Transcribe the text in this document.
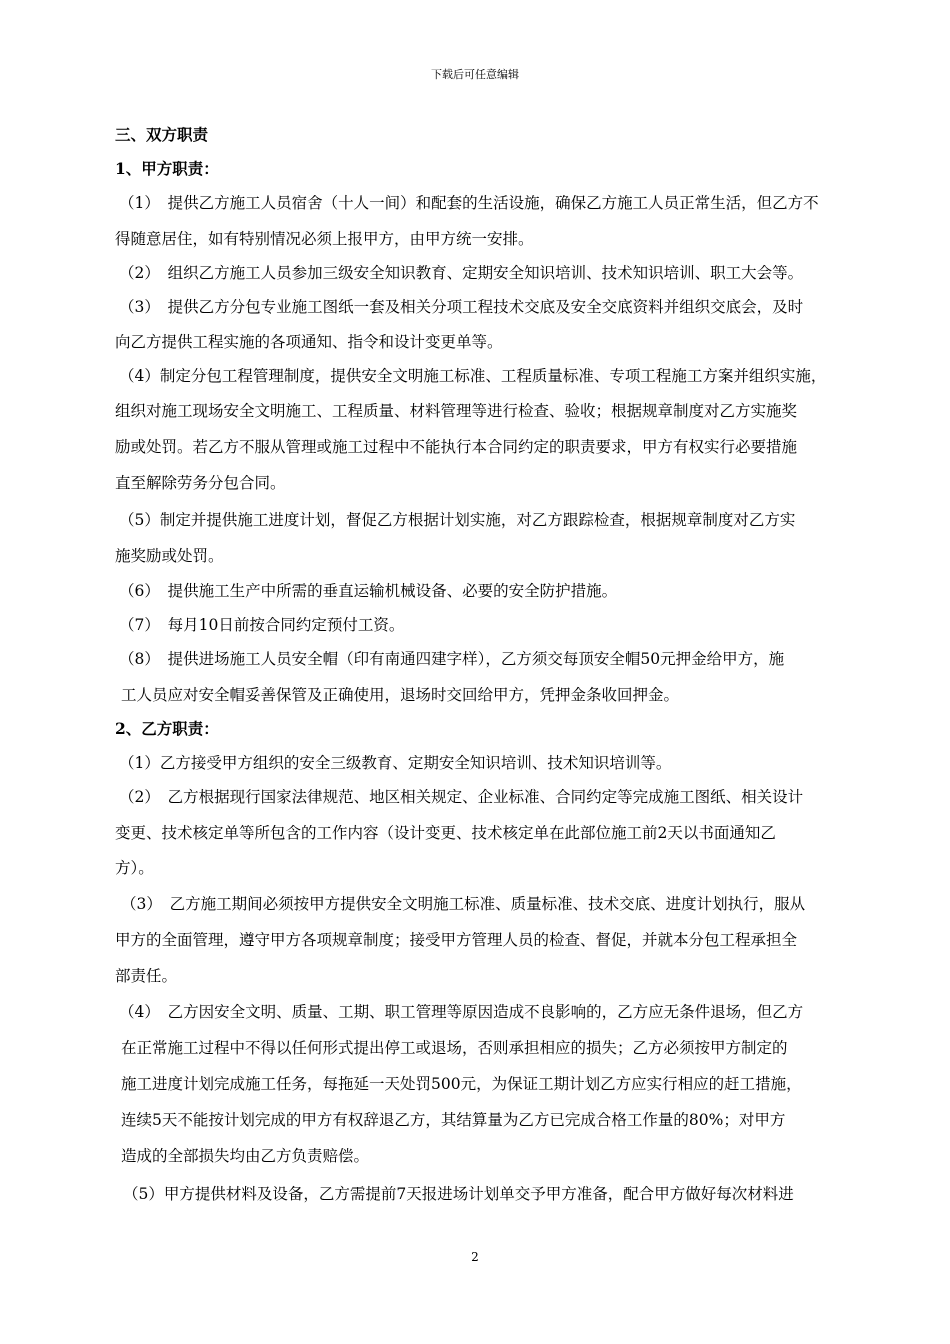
下载后可任意编辑
三、双方职责
1、甲方职责：
（1）　提供乙方施工人员宿舍（十人一间）和配套的生活设施，确保乙方施工人员正常生活，但乙方不
得随意居住，如有特别情况必须上报甲方，由甲方统一安排。
（2）　组织乙方施工人员参加三级安全知识教育、定期安全知识培训、技术知识培训、职工大会等。
（3）　提供乙方分包专业施工图纸一套及相关分项工程技术交底及安全交底资料并组织交底会，及时
向乙方提供工程实施的各项通知、指令和设计变更单等。
（4）制定分包工程管理制度，提供安全文明施工标准、工程质量标准、专项工程施工方案并组织实施，
组织对施工现场安全文明施工、工程质量、材料管理等进行检查、验收；根据规章制度对乙方实施奖
励或处罚。若乙方不服从管理或施工过程中不能执行本合同约定的职责要求，甲方有权实行必要措施
直至解除劳务分包合同。
（5）制定并提供施工进度计划，督促乙方根据计划实施，对乙方跟踪检查，根据规章制度对乙方实
施奖励或处罚。
（6）　提供施工生产中所需的垂直运输机械设备、必要的安全防护措施。
（7）　每月10日前按合同约定预付工资。
（8）　提供进场施工人员安全帽（印有南通四建字样），乙方须交每顶安全帽50元押金给甲方，施
工人员应对安全帽妥善保管及正确使用，退场时交回给甲方，凭押金条收回押金。
2、乙方职责：
（1）乙方接受甲方组织的安全三级教育、定期安全知识培训、技术知识培训等。
（2）　乙方根据现行国家法律规范、地区相关规定、企业标准、合同约定等完成施工图纸、相关设计
变更、技术核定单等所包含的工作内容（设计变更、技术核定单在此部位施工前2天以书面通知乙
方）。
（3）　乙方施工期间必须按甲方提供安全文明施工标准、质量标准、技术交底、进度计划执行，服从
甲方的全面管理，遵守甲方各项规章制度；接受甲方管理人员的检查、督促，并就本分包工程承担全
部责任。
（4）　乙方因安全文明、质量、工期、职工管理等原因造成不良影响的，乙方应无条件退场，但乙方
在正常施工过程中不得以任何形式提出停工或退场，否则承担相应的损失；乙方必须按甲方制定的
施工进度计划完成施工任务，每拖延一天处罚500元，为保证工期计划乙方应实行相应的赶工措施，
连续5天不能按计划完成的甲方有权辞退乙方，其结算量为乙方已完成合格工作量的80%；对甲方
造成的全部损失均由乙方负责赔偿。
（5）甲方提供材料及设备，乙方需提前7天报进场计划单交予甲方准备，配合甲方做好每次材料进
2
